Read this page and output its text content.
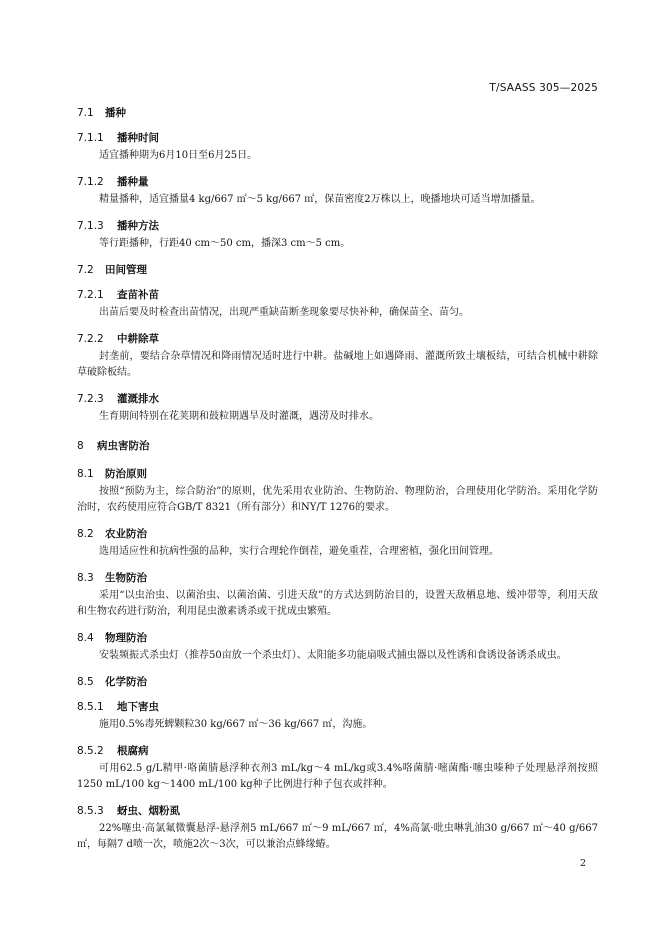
T/SAASS 305—2025
7.1 播种
7.1.1	播种时间

适宜播种期为6月10日至6月25日。

7.1.2	播种量

精量播种，适宜播量4 kg/667 ㎡～5 kg/667 ㎡，保苗密度2万株以上，晚播地块可适当增加播量。

7.1.3	播种方法

等行距播种，行距40 cm～50 cm，播深3 cm～5 cm。

7.2 田间管理
7.2.1	查苗补苗

出苗后要及时检查出苗情况，出现严重缺苗断垄现象要尽快补种，确保苗全、苗匀。

7.2.2	中耕除草

封垄前，要结合杂草情况和降雨情况适时进行中耕。盐碱地上如遇降雨、灌溉所致土壤板结，可结合机械中耕除草破除板结。

7.2.3	灌溉排水

生育期间特别在花荚期和鼓粒期遇旱及时灌溉，遇涝及时排水。

8	病虫害防治
8.1 防治原则

按照“预防为主，综合防治”的原则，优先采用农业防治、生物防治、物理防治，合理使用化学防治。采用化学防治时，农药使用应符合GB/T 8321（所有部分）和NY/T 1276的要求。

8.2 农业防治

选用适应性和抗病性强的品种，实行合理轮作倒茬，避免重茬，合理密植，强化田间管理。

8.3 生物防治

采用“以虫治虫、以菌治虫、以菌治菌、引进天敌”的方式达到防治目的，设置天敌栖息地、缓冲带等，利用天敌和生物农药进行防治，利用昆虫激素诱杀或干扰成虫繁殖。

8.4 物理防治

安装频振式杀虫灯（推荐50亩放一个杀虫灯）、太阳能多功能扇吸式捕虫器以及性诱和食诱设备诱杀成虫。

8.5 化学防治
8.5.1	地下害虫

施用0.5%毒死蜱颗粒30 kg/667 ㎡～36 kg/667 ㎡，沟施。

8.5.2	根腐病

可用62.5 g/L精甲·咯菌腈悬浮种衣剂3 mL/kg～4 mL/kg或3.4%咯菌腈·嘧菌酯·噻虫嗪种子处理悬浮剂按照1250 mL/100 kg～1400 mL/100 kg种子比例进行种子包衣或拌种。

8.5.3	蚜虫、烟粉虱

22%噻虫·高氯氟微囊悬浮-悬浮剂5 mL/667 ㎡～9 mL/667 ㎡，4%高氯·吡虫啉乳油30 g/667 ㎡～40 g/667 ㎡，每隔7 d喷一次，喷施2次～3次，可以兼治点蜂缘蝽。

2
